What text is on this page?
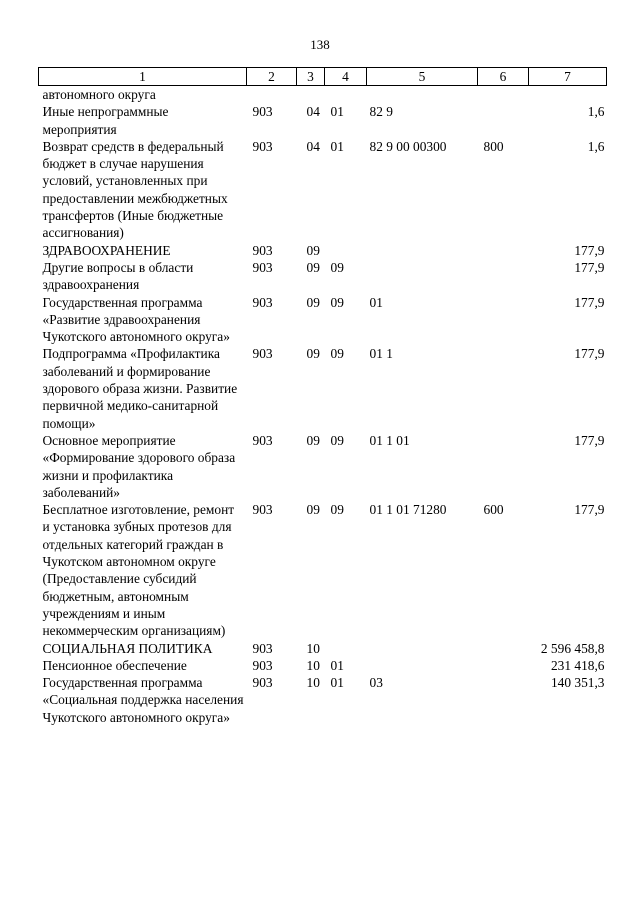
138
1	2	3	4	5	6	7
автономного округа						
Иные непрограммные мероприятия	903	04	01	82 9		1,6
Возврат средств в федеральный бюджет в случае нарушения условий, установленных при предоставлении межбюджетных трансфертов (Иные бюджетные ассигнования)	903	04	01	82 9 00 00300	800	1,6
ЗДРАВООХРАНЕНИЕ	903	09				177,9
Другие вопросы в области здравоохранения	903	09	09			177,9
Государственная программа «Развитие здравоохранения Чукотского автономного округа»	903	09	09	01		177,9
Подпрограмма «Профилактика заболеваний и формирование здорового образа жизни. Развитие первичной медико-санитарной помощи»	903	09	09	01 1		177,9
Основное мероприятие «Формирование здорового образа жизни и профилактика заболеваний»	903	09	09	01 1 01		177,9
Бесплатное изготовление, ремонт и установка зубных протезов для отдельных категорий граждан в Чукотском автономном округе (Предоставление субсидий бюджетным, автономным учреждениям и иным некоммерческим организациям)	903	09	09	01 1 01 71280	600	177,9
СОЦИАЛЬНАЯ ПОЛИТИКА	903	10				2 596 458,8
Пенсионное обеспечение	903	10	01			231 418,6
Государственная программа «Социальная поддержка населения Чукотского автономного округа»	903	10	01	03		140 351,3
